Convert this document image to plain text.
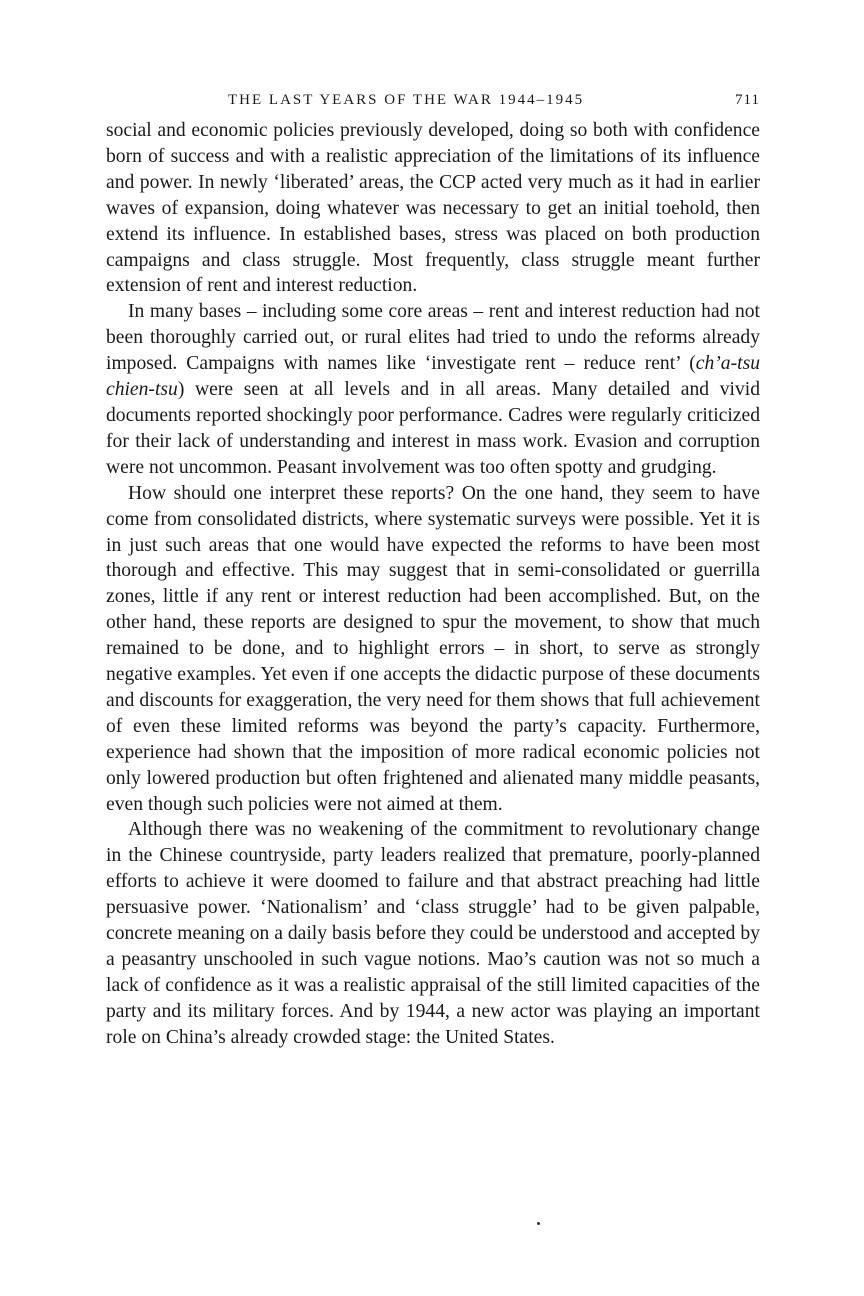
THE LAST YEARS OF THE WAR 1944–1945	711

social and economic policies previously developed, doing so both with confidence born of success and with a realistic appreciation of the limitations of its influence and power. In newly ‘liberated’ areas, the CCP acted very much as it had in earlier waves of expansion, doing whatever was necessary to get an initial toehold, then extend its influence. In established bases, stress was placed on both production campaigns and class struggle. Most frequently, class struggle meant further extension of rent and interest reduction.

In many bases – including some core areas – rent and interest reduction had not been thoroughly carried out, or rural elites had tried to undo the reforms already imposed. Campaigns with names like ‘investigate rent – reduce rent’ (ch’a-tsu chien-tsu) were seen at all levels and in all areas. Many detailed and vivid documents reported shockingly poor performance. Cadres were regularly criticized for their lack of understanding and interest in mass work. Evasion and corruption were not uncommon. Peasant involvement was too often spotty and grudging.

How should one interpret these reports? On the one hand, they seem to have come from consolidated districts, where systematic surveys were possible. Yet it is in just such areas that one would have expected the reforms to have been most thorough and effective. This may suggest that in semi-consolidated or guerrilla zones, little if any rent or interest reduction had been accomplished. But, on the other hand, these reports are designed to spur the movement, to show that much remained to be done, and to highlight errors – in short, to serve as strongly negative examples. Yet even if one accepts the didactic purpose of these documents and discounts for exaggeration, the very need for them shows that full achievement of even these limited reforms was beyond the party’s capacity. Furthermore, experience had shown that the imposition of more radical economic policies not only lowered production but often frightened and alienated many middle peasants, even though such policies were not aimed at them.

Although there was no weakening of the commitment to revolutionary change in the Chinese countryside, party leaders realized that premature, poorly-planned efforts to achieve it were doomed to failure and that abstract preaching had little persuasive power. ‘Nationalism’ and ‘class struggle’ had to be given palpable, concrete meaning on a daily basis before they could be understood and accepted by a peasantry unschooled in such vague notions. Mao’s caution was not so much a lack of confidence as it was a realistic appraisal of the still limited capacities of the party and its military forces. And by 1944, a new actor was playing an important role on China’s already crowded stage: the United States.
